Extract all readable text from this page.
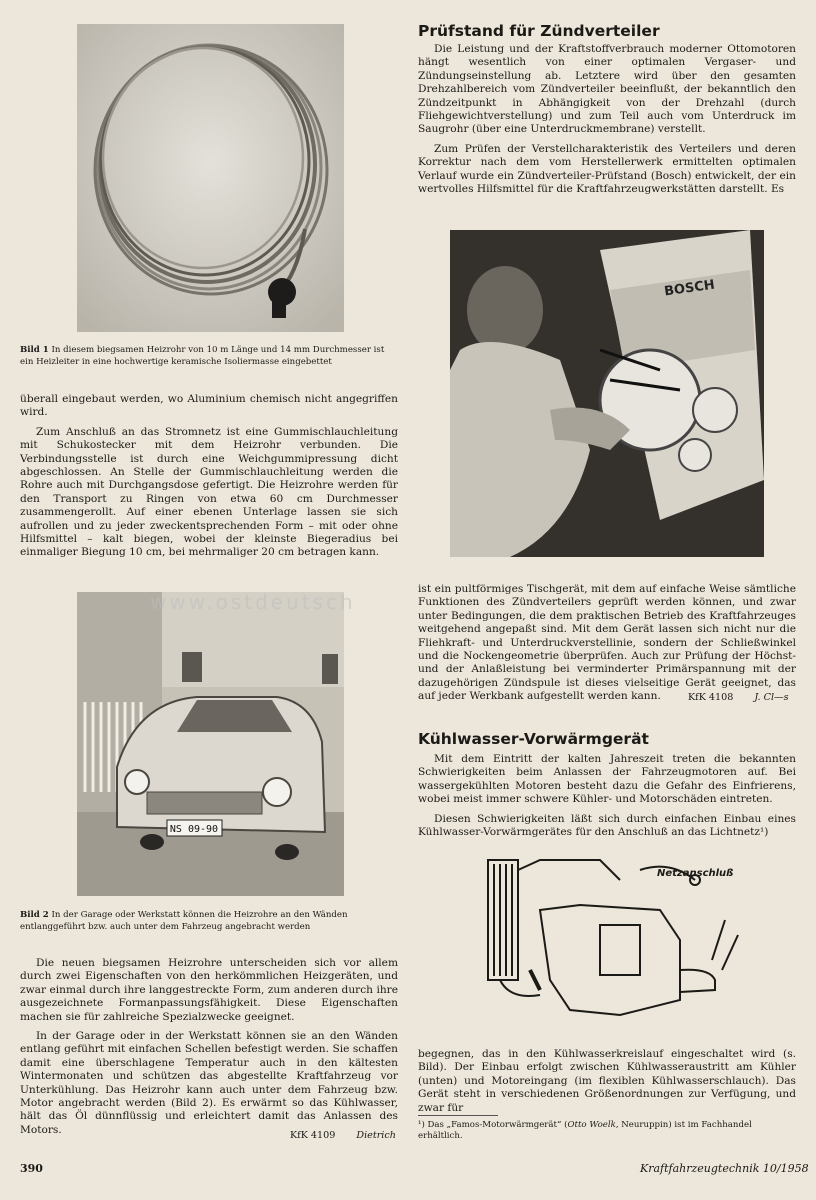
Bild 1 In diesem biegsamen Heizrohr von 10 m Länge und 14 mm Durchmesser ist ein Heizleiter in eine hochwertige keramische Isoliermasse eingebettet

überall eingebaut werden, wo Aluminium chemisch nicht angegriffen wird.

Zum Anschluß an das Stromnetz ist eine Gummischlauchleitung mit Schukostecker mit dem Heizrohr verbunden. Die Verbindungsstelle ist durch eine Weichgummipressung dicht abgeschlossen. An Stelle der Gummischlauchleitung werden die Rohre auch mit Durchgangsdose gefertigt. Die Heizrohre werden für den Transport zu Ringen von etwa 60 cm Durchmesser zusammengerollt. Auf einer ebenen Unterlage lassen sie sich aufrollen und zu jeder zweckentsprechenden Form – mit oder ohne Hilfsmittel – kalt biegen, wobei der kleinste Biegeradius bei einmaliger Biegung 10 cm, bei mehrmaliger 20 cm betragen kann.

NS 09-90
www.ostdeutsch
Bild 2 In der Garage oder Werkstatt können die Heizrohre an den Wänden entlanggeführt bzw. auch unter dem Fahrzeug angebracht werden

Die neuen biegsamen Heizrohre unterscheiden sich vor allem durch zwei Eigenschaften von den herkömmlichen Heizgeräten, und zwar einmal durch ihre langgestreckte Form, zum anderen durch ihre ausgezeichnete Formanpassungsfähigkeit. Diese Eigenschaften machen sie für zahlreiche Spezialzwecke geeignet.

In der Garage oder in der Werkstatt können sie an den Wänden entlang geführt mit einfachen Schellen befestigt werden. Sie schaffen damit eine überschlagene Temperatur auch in den kältesten Wintermonaten und schützen das abgestellte Kraftfahrzeug vor Unterkühlung. Das Heizrohr kann auch unter dem Fahrzeug bzw. Motor angebracht werden (Bild 2). Es erwärmt so das Kühlwasser, hält das Öl dünnflüssig und erleichtert damit das Anlassen des Motors.	KfK 4109 Dietrich
Prüfstand für Zündverteiler

Die Leistung und der Kraftstoffverbrauch moderner Ottomotoren hängt wesentlich von einer optimalen Vergaser- und Zündungseinstellung ab. Letztere wird über den gesamten Drehzahlbereich vom Zündverteiler beeinflußt, der bekanntlich den Zündzeitpunkt in Abhängigkeit von der Drehzahl (durch Fliehgewichtverstellung) und zum Teil auch vom Unterdruck im Saugrohr (über eine Unterdruckmembrane) verstellt.

Zum Prüfen der Verstellcharakteristik des Verteilers und deren Korrektur nach dem vom Herstellerwerk ermittelten optimalen Verlauf wurde ein Zündverteiler-Prüfstand (Bosch) entwickelt, der ein wertvolles Hilfsmittel für die Kraftfahrzeugwerkstätten darstellt. Es

BOSCH

ist ein pultförmiges Tischgerät, mit dem auf einfache Weise sämtliche Funktionen des Zündverteilers geprüft werden können, und zwar unter Bedingungen, die dem praktischen Betrieb des Kraftfahrzeuges weitgehend angepaßt sind. Mit dem Gerät lassen sich nicht nur die Fliehkraft- und Unterdruckverstellinie, sondern der Schließwinkel und die Nockengeometrie überprüfen. Auch zur Prüfung der Höchst- und der Anlaßleistung bei verminderter Primärspannung mit der dazugehörigen Zündspule ist dieses vielseitige Gerät geeignet, das auf jeder Werkbank aufgestellt werden kann.	KfK 4108 J. Cl—s
Kühlwasser-Vorwärmgerät

Mit dem Eintritt der kalten Jahreszeit treten die bekannten Schwierigkeiten beim Anlassen der Fahrzeugmotoren auf. Bei wassergekühlten Motoren besteht dazu die Gefahr des Einfrierens, wobei meist immer schwere Kühler- und Motorschäden eintreten.

Diesen Schwierigkeiten läßt sich durch einfachen Einbau eines Kühlwasser-Vorwärmgerätes für den Anschluß an das Lichtnetz¹)

Netzanschluß

begegnen, das in den Kühlwasserkreislauf eingeschaltet wird (s. Bild). Der Einbau erfolgt zwischen Kühlwasseraustritt am Kühler (unten) und Motoreingang (im flexiblen Kühlwasserschlauch). Das Gerät steht in verschiedenen Größenordnungen zur Verfügung, und zwar für

¹) Das „Famos-Motorwärmgerät“ (Otto Woelk, Neuruppin) ist im Fachhandel erhältlich.
390	Kraftfahrzeugtechnik 10/1958
